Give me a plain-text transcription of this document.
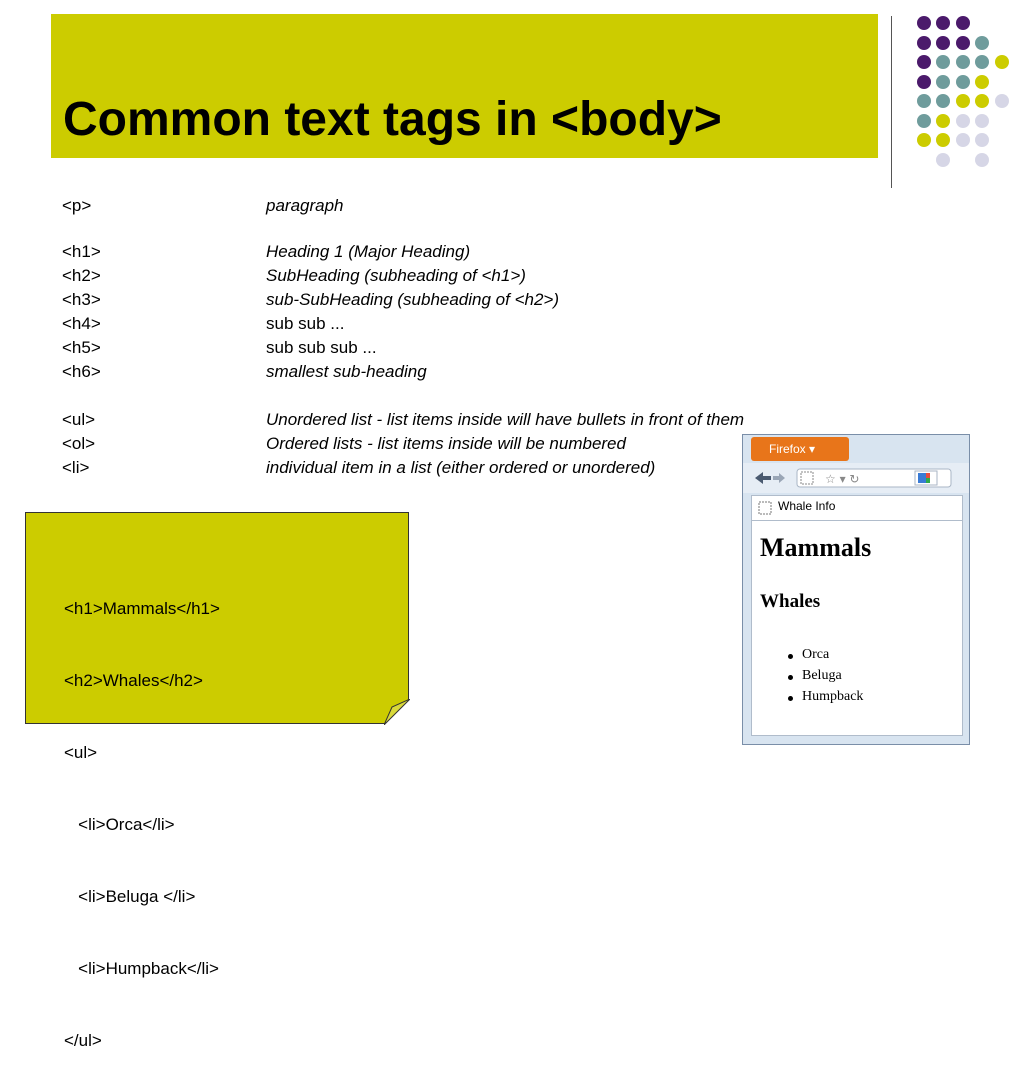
Common text tags in <body>
<p>	paragraph
<h1>	Heading 1 (Major Heading)
<h2>	SubHeading (subheading of <h1>)
<h3>	sub-SubHeading (subheading of <h2>)
<h4>	sub sub ...
<h5>	sub sub sub ...
<h6>	smallest sub-heading
<ul>	Unordered list - list items inside will have bullets in front of them
<ol>	Ordered lists - list items inside will be numbered
<li>	individual item in a list (either ordered or unordered)

<h1>Mammals</h1>

<h2>Whales</h2>

<ul>

<li>Orca</li>

<li>Beluga </li>

<li>Humpback</li>

</ul>

Firefox ▾
☆ ▾ ↻
Whale Info
Mammals
Whales
Orca
Beluga
Humpback
